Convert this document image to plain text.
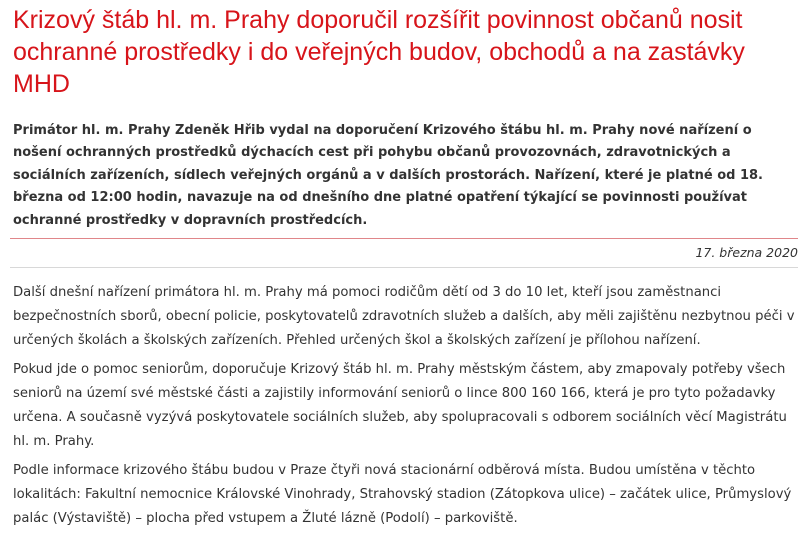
Krizový štáb hl. m. Prahy doporučil rozšířit povinnost občanů nosit ochranné prostředky i do veřejných budov, obchodů a na zastávky MHD

Primátor hl. m. Prahy Zdeněk Hřib vydal na doporučení Krizového štábu hl. m. Prahy nové nařízení o nošení ochranných prostředků dýchacích cest při pohybu občanů provozovnách, zdravotnických a sociálních zařízeních, sídlech veřejných orgánů a v dalších prostorách. Nařízení, které je platné od 18. března od 12:00 hodin, navazuje na od dnešního dne platné opatření týkající se povinnosti používat ochranné prostředky v dopravních prostředcích.

17. března 2020

Další dnešní nařízení primátora hl. m. Prahy má pomoci rodičům dětí od 3 do 10 let, kteří jsou zaměstnanci bezpečnostních sborů, obecní policie, poskytovatelů zdravotních služeb a dalších, aby měli zajištěnu nezbytnou péči v určených školách a školských zařízeních. Přehled určených škol a školských zařízení je přílohou nařízení.

Pokud jde o pomoc seniorům, doporučuje Krizový štáb hl. m. Prahy městským částem, aby zmapovaly potřeby všech seniorů na území své městské části a zajistily informování seniorů o lince 800 160 166, která je pro tyto požadavky určena. A současně vyzývá poskytovatele sociálních služeb, aby spolupracovali s odborem sociálních věcí Magistrátu hl. m. Prahy.

Podle informace krizového štábu budou v Praze čtyři nová stacionární odběrová místa. Budou umístěna v těchto lokalitách: Fakultní nemocnice Královské Vinohrady, Strahovský stadion (Zátopkova ulice) – začátek ulice, Průmyslový palác (Výstaviště) – plocha před vstupem a Žluté lázně (Podolí) – parkoviště.
